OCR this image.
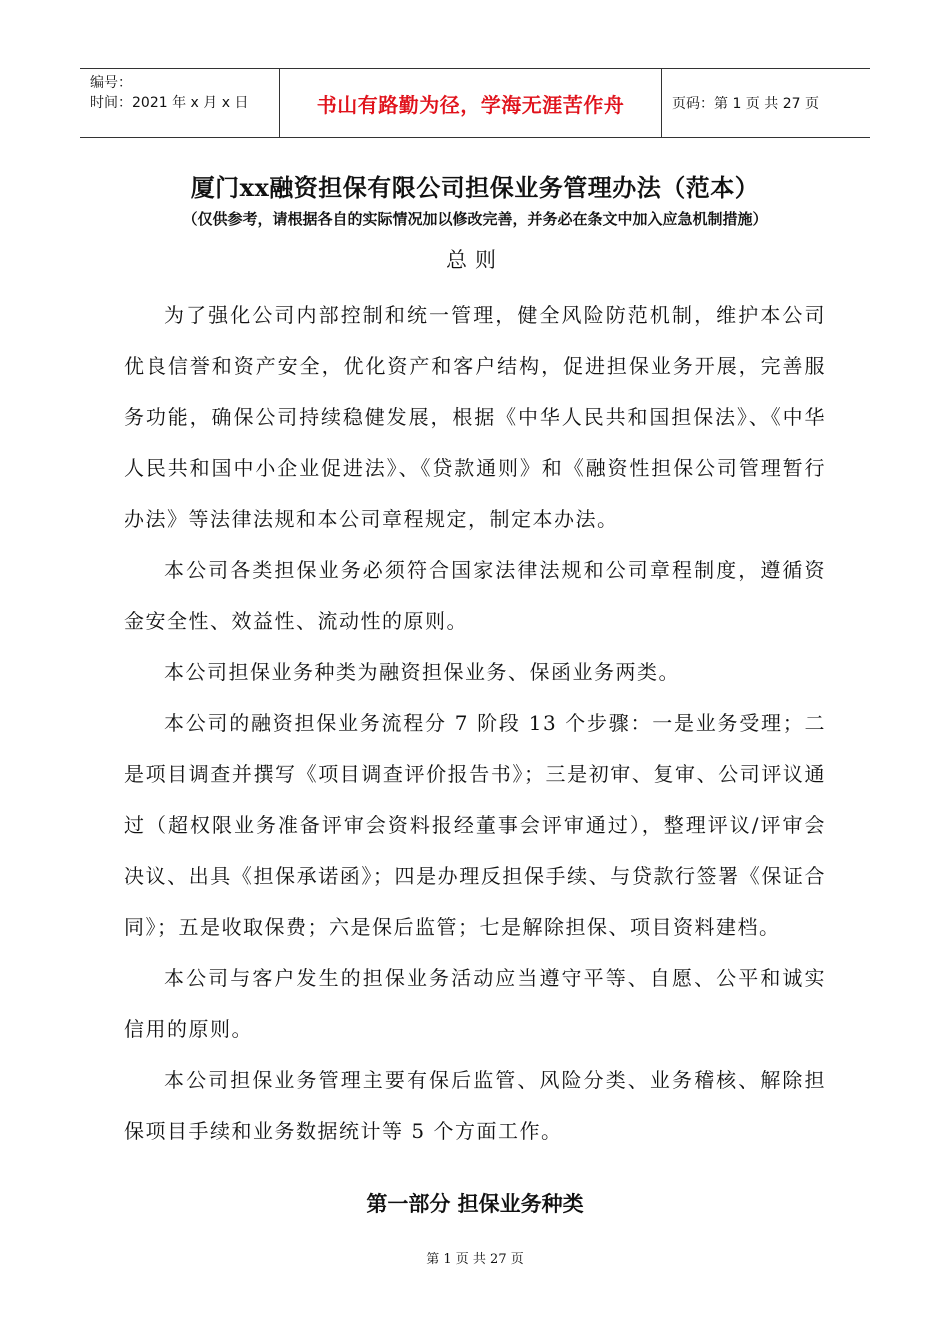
编号：
时间：2021 年 x 月 x 日	书山有路勤为径，学海无涯苦作舟	页码：第 1 页 共 27 页
厦门xx融资担保有限公司担保业务管理办法（范本）
（仅供参考，请根据各自的实际情况加以修改完善，并务必在条文中加入应急机制措施）
总则

为了强化公司内部控制和统一管理，健全风险防范机制，维护本公司优良信誉和资产安全，优化资产和客户结构，促进担保业务开展，完善服务功能，确保公司持续稳健发展，根据《中华人民共和国担保法》、《中华人民共和国中小企业促进法》、《贷款通则》和《融资性担保公司管理暂行办法》等法律法规和本公司章程规定，制定本办法。

本公司各类担保业务必须符合国家法律法规和公司章程制度，遵循资金安全性、效益性、流动性的原则。

本公司担保业务种类为融资担保业务、保函业务两类。

本公司的融资担保业务流程分 7 阶段 13 个步骤：一是业务受理；二是项目调查并撰写《项目调查评价报告书》；三是初审、复审、公司评议通过（超权限业务准备评审会资料报经董事会评审通过），整理评议/评审会决议、出具《担保承诺函》；四是办理反担保手续、与贷款行签署《保证合同》；五是收取保费；六是保后监管；七是解除担保、项目资料建档。

本公司与客户发生的担保业务活动应当遵守平等、自愿、公平和诚实信用的原则。

本公司担保业务管理主要有保后监管、风险分类、业务稽核、解除担保项目手续和业务数据统计等 5 个方面工作。

第一部分 担保业务种类
第 1 页 共 27 页
